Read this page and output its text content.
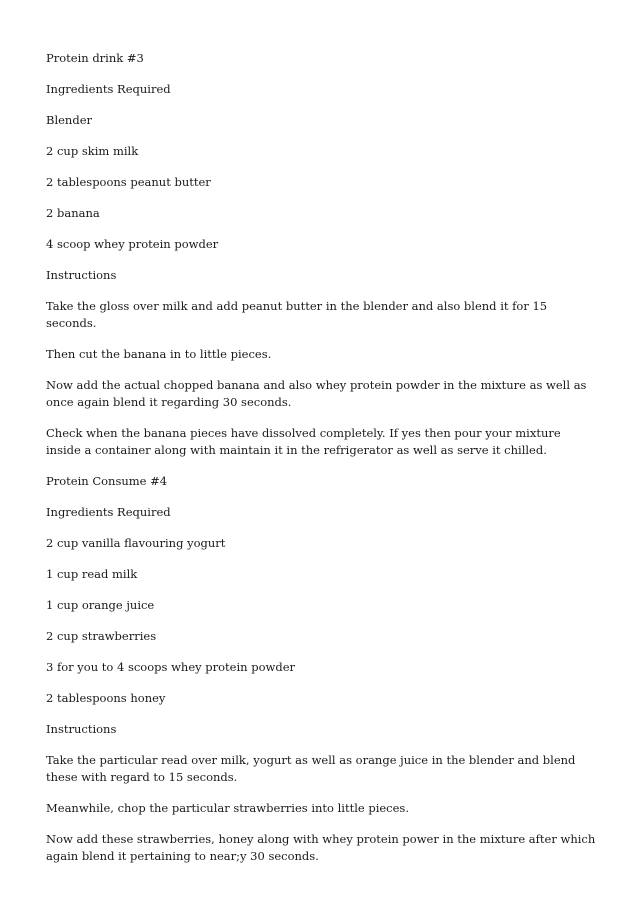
Protein drink #3

Ingredients Required

Blender

2 cup skim milk

2 tablespoons peanut butter

2 banana

4 scoop whey protein powder

Instructions

Take the gloss over milk and add peanut butter in the blender and also blend it for 15 seconds.

Then cut the banana in to little pieces.

Now add the actual chopped banana and also whey protein powder in the mixture as well as once again blend it regarding 30 seconds.

Check when the banana pieces have dissolved completely. If yes then pour your mixture inside a container along with maintain it in the refrigerator as well as serve it chilled.

Protein Consume #4

Ingredients Required

2 cup vanilla flavouring yogurt

1 cup read milk

1 cup orange juice

2 cup strawberries

3 for you to 4 scoops whey protein powder

2 tablespoons honey

Instructions

Take the particular read over milk, yogurt as well as orange juice in the blender and blend these with regard to 15 seconds.

Meanwhile, chop the particular strawberries into little pieces.

Now add these strawberries, honey along with whey protein power in the mixture after which again blend it pertaining to near;y 30 seconds.
